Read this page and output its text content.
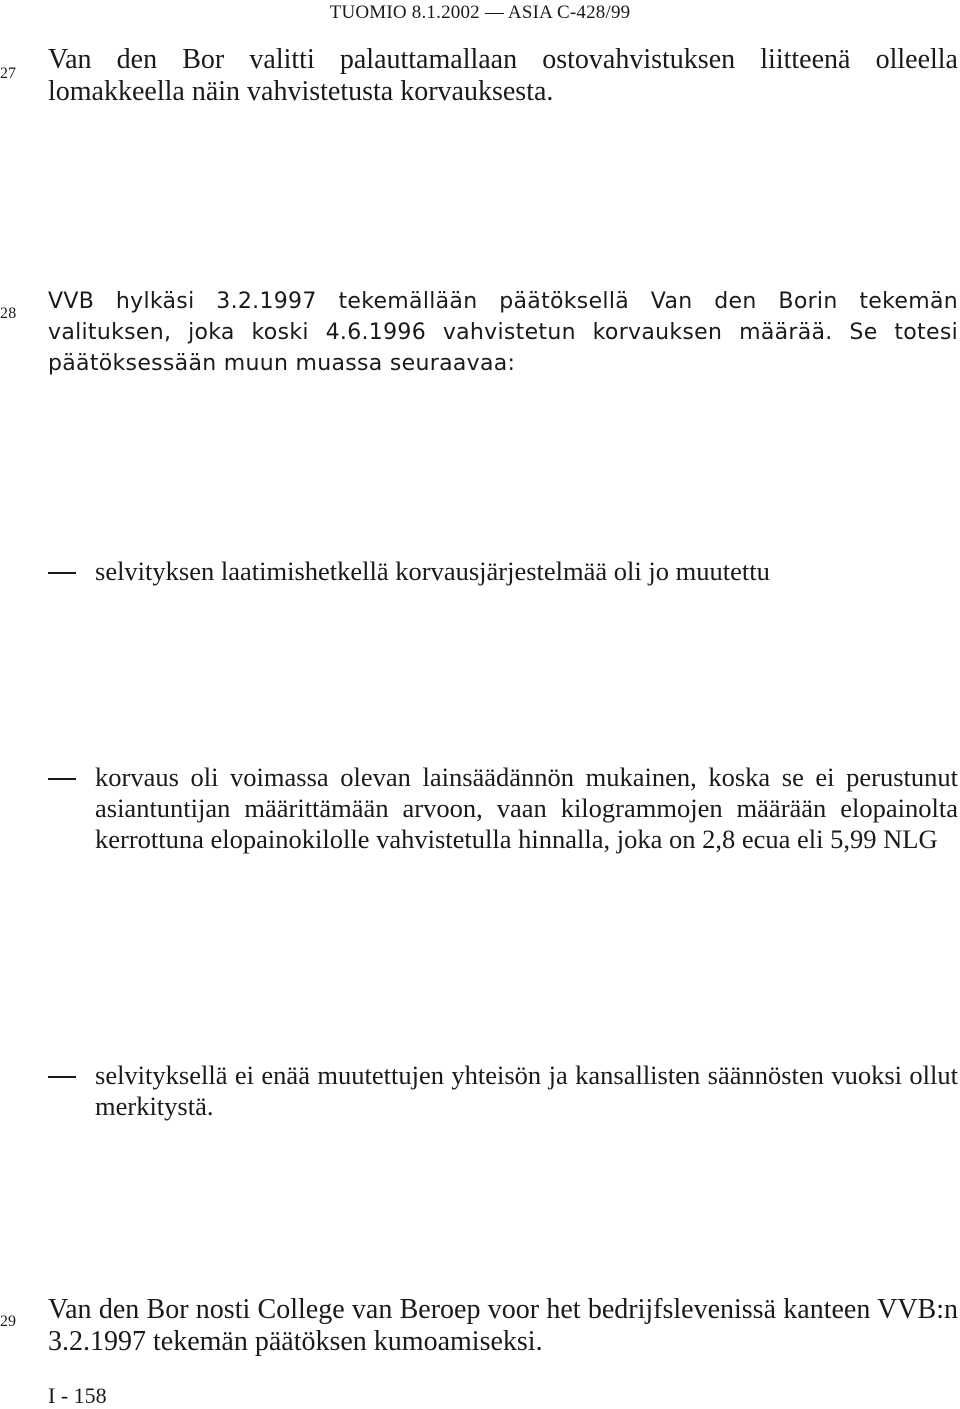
TUOMIO 8.1.2002 — ASIA C-428/99
27 Van den Bor valitti palauttamallaan ostovahvistuksen liitteenä olleella lomakkeella näin vahvistetusta korvauksesta.

28 VVB hylkäsi 3.2.1997 tekemällään päätöksellä Van den Borin tekemän valituksen, joka koski 4.6.1996 vahvistetun korvauksen määrää. Se totesi päätöksessään muun muassa seuraavaa:

selvityksen laatimishetkellä korvausjärjestelmää oli jo muutettu

korvaus oli voimassa olevan lainsäädännön mukainen, koska se ei perustunut asiantuntijan määrittämään arvoon, vaan kilogrammojen määrään elopainolta kerrottuna elopainokilolle vahvistetulla hinnalla, joka on 2,8 ecua eli 5,99 NLG

selvityksellä ei enää muutettujen yhteisön ja kansallisten säännösten vuoksi ollut merkitystä.

29 Van den Bor nosti College van Beroep voor het bedrijfslevenissä kanteen VVB:n 3.2.1997 tekemän päätöksen kumoamiseksi.

I - 158
